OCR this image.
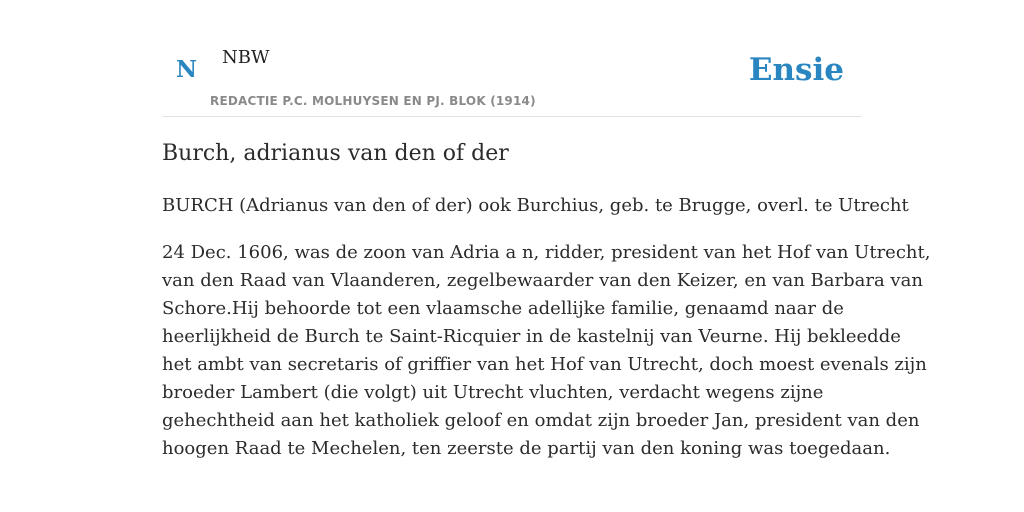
N NBW
REDACTIE P.C. MOLHUYSEN EN PJ. BLOK (1914)
Ensie
Burch, adrianus van den of der

BURCH (Adrianus van den of der) ook Burchius, geb. te Brugge, overl. te Utrecht

24 Dec. 1606, was de zoon van Adria a n, ridder, president van het Hof van Utrecht,
van den Raad van Vlaanderen, zegelbewaarder van den Keizer, en van Barbara van
Schore.Hij behoorde tot een vlaamsche adellijke familie, genaamd naar de
heerlijkheid de Burch te Saint-Ricquier in de kastelnij van Veurne. Hij bekleedde
het ambt van secretaris of griffier van het Hof van Utrecht, doch moest evenals zijn
broeder Lambert (die volgt) uit Utrecht vluchten, verdacht wegens zijne
gehechtheid aan het katholiek geloof en omdat zijn broeder Jan, president van den
hoogen Raad te Mechelen, ten zeerste de partij van den koning was toegedaan.
